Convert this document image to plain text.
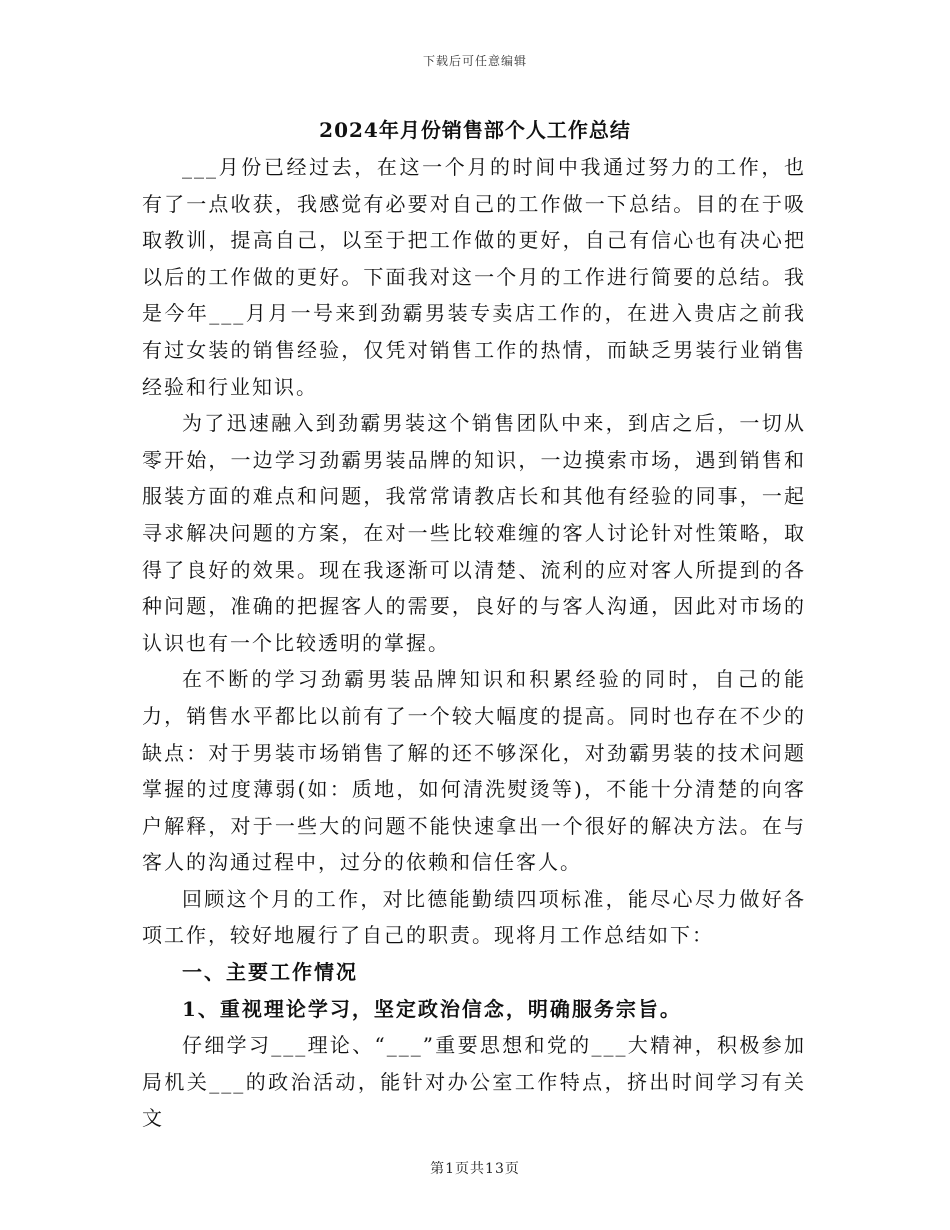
下载后可任意编辑
2024年月份销售部个人工作总结

___月份已经过去，在这一个月的时间中我通过努力的工作，也有了一点收获，我感觉有必要对自己的工作做一下总结。目的在于吸取教训，提高自己，以至于把工作做的更好，自己有信心也有决心把以后的工作做的更好。下面我对这一个月的工作进行简要的总结。我是今年___月月一号来到劲霸男装专卖店工作的，在进入贵店之前我有过女装的销售经验，仅凭对销售工作的热情，而缺乏男装行业销售经验和行业知识。

为了迅速融入到劲霸男装这个销售团队中来，到店之后，一切从零开始，一边学习劲霸男装品牌的知识，一边摸索市场，遇到销售和服装方面的难点和问题，我常常请教店长和其他有经验的同事，一起寻求解决问题的方案，在对一些比较难缠的客人讨论针对性策略，取得了良好的效果。现在我逐渐可以清楚、流利的应对客人所提到的各种问题，准确的把握客人的需要，良好的与客人沟通，因此对市场的认识也有一个比较透明的掌握。

在不断的学习劲霸男装品牌知识和积累经验的同时，自己的能力，销售水平都比以前有了一个较大幅度的提高。同时也存在不少的缺点：对于男装市场销售了解的还不够深化，对劲霸男装的技术问题掌握的过度薄弱(如：质地，如何清洗熨烫等)，不能十分清楚的向客户解释，对于一些大的问题不能快速拿出一个很好的解决方法。在与客人的沟通过程中，过分的依赖和信任客人。

回顾这个月的工作，对比德能勤绩四项标准，能尽心尽力做好各项工作，较好地履行了自己的职责。现将月工作总结如下：

一、主要工作情况

1、重视理论学习，坚定政治信念，明确服务宗旨。

仔细学习___理论、“___”重要思想和党的___大精神，积极参加局机关___的政治活动，能针对办公室工作特点，挤出时间学习有关文

第1页共13页
